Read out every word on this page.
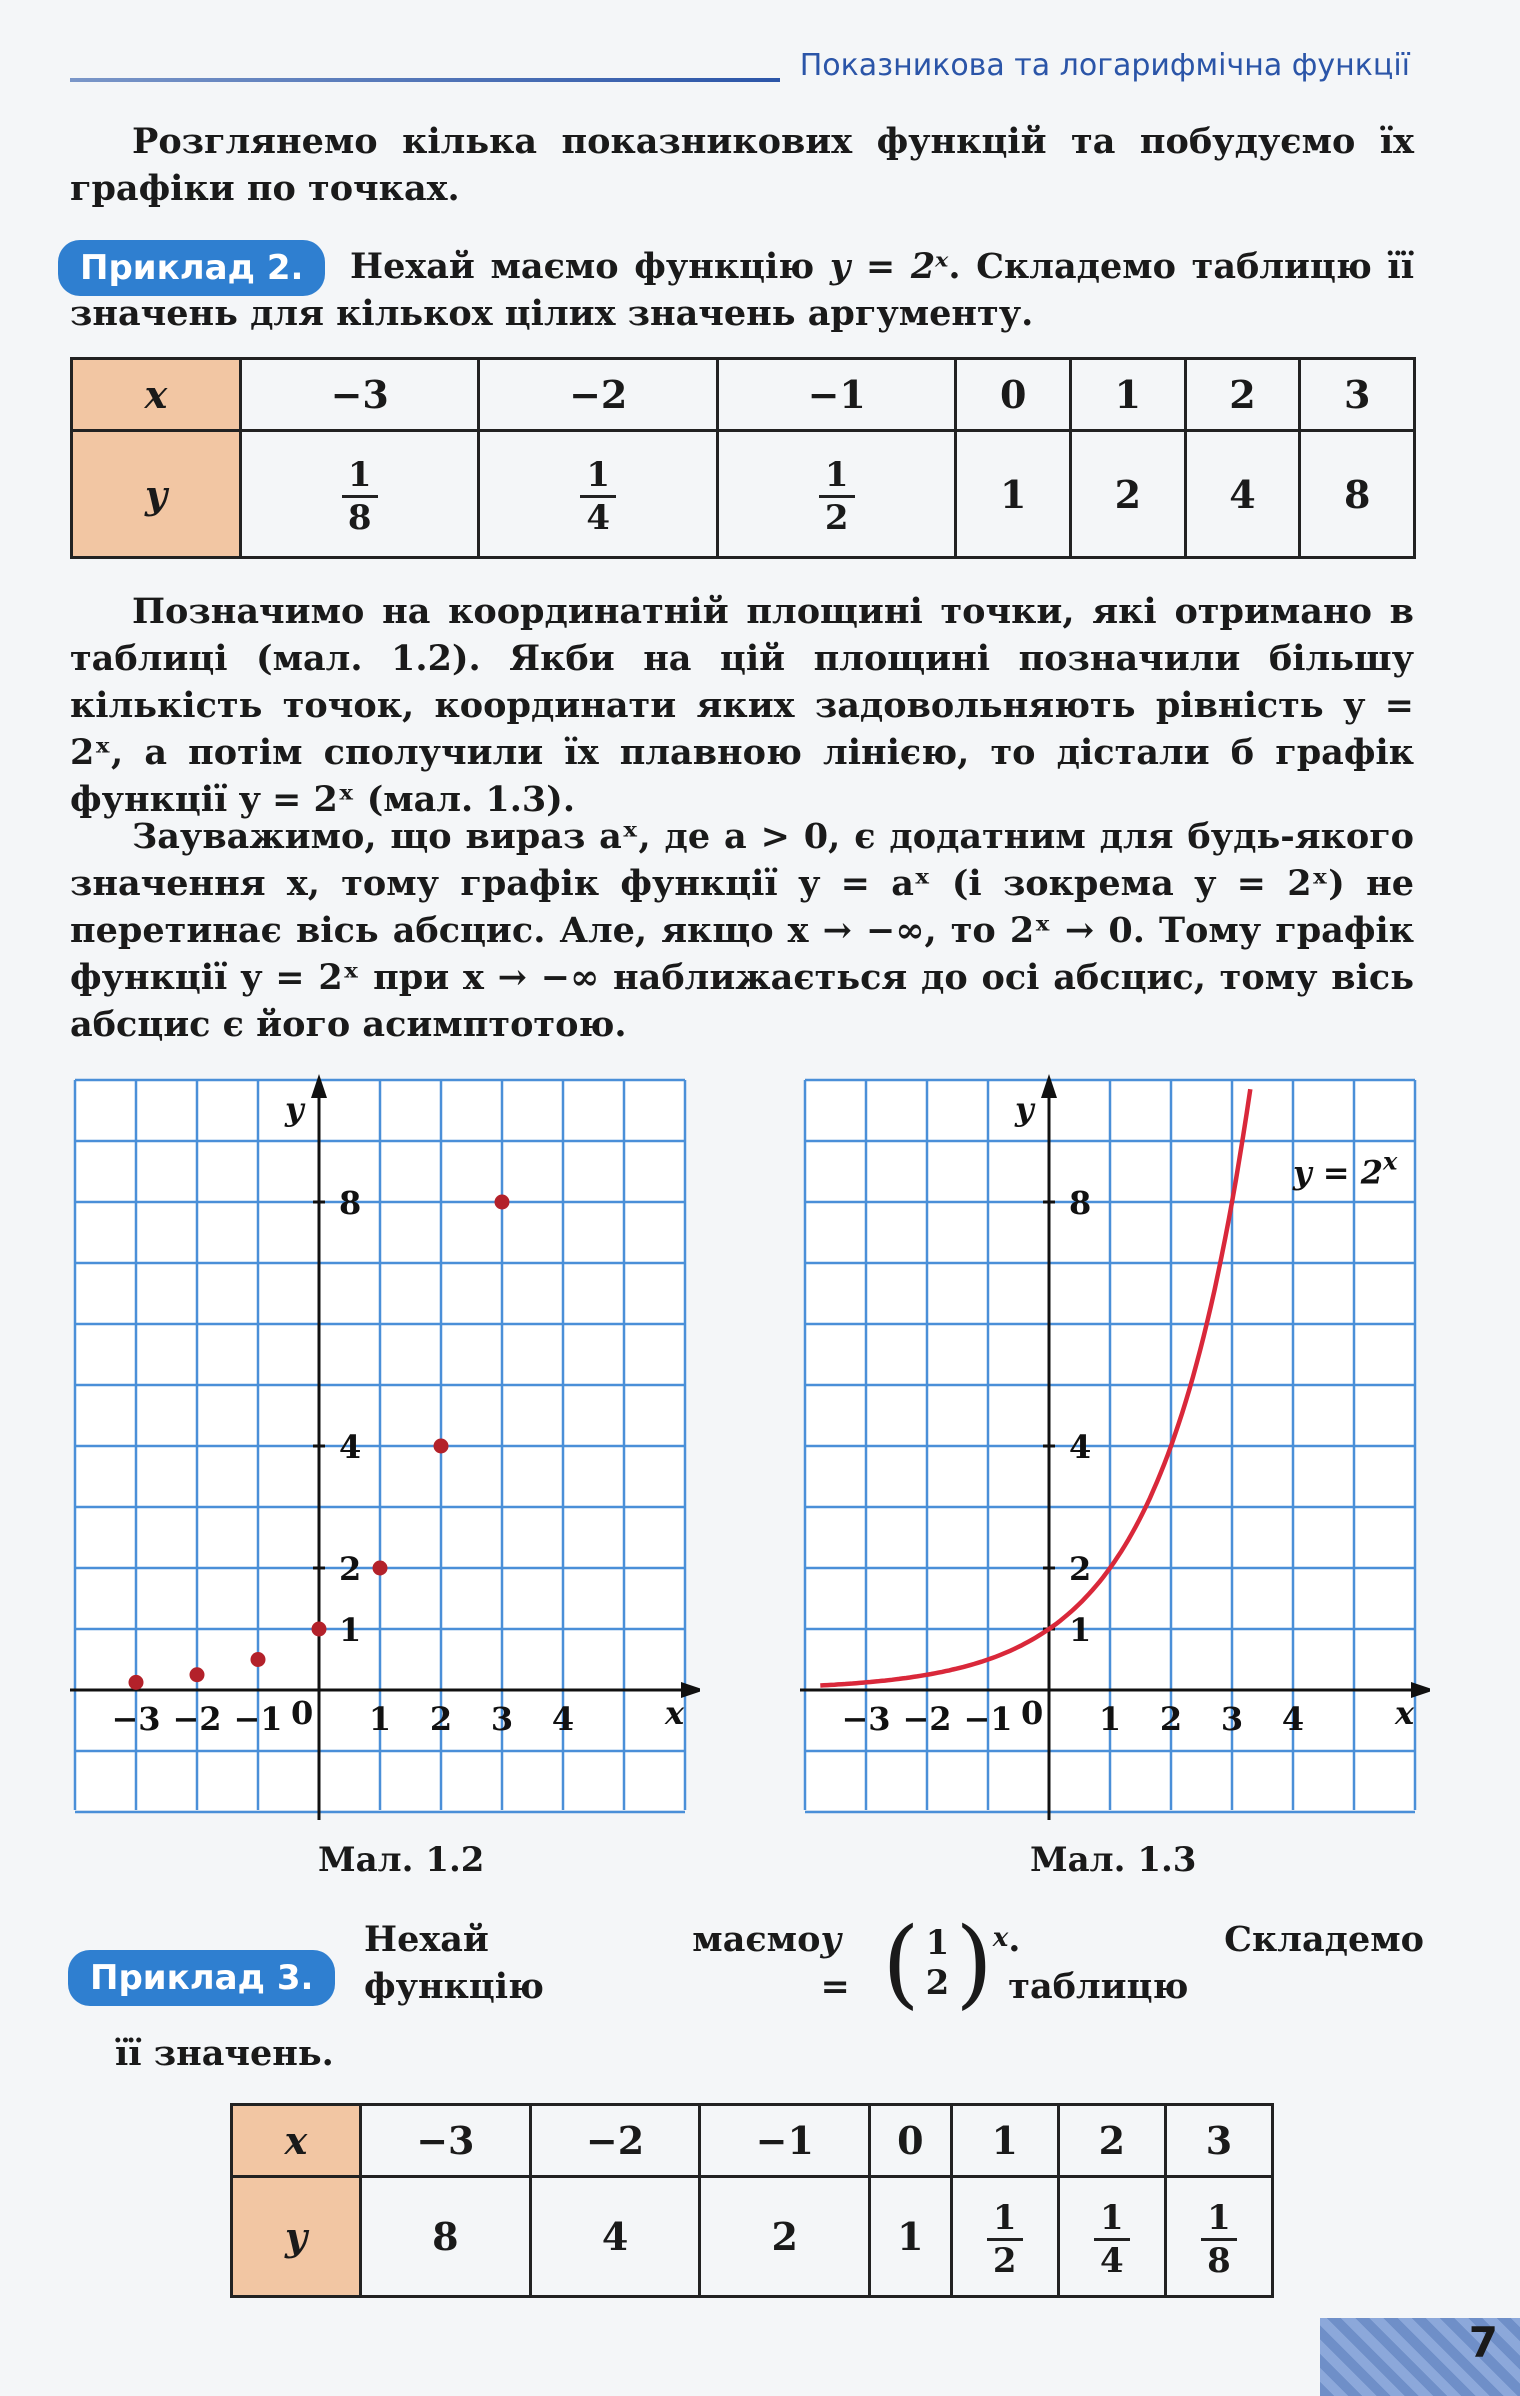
Показникова та логарифмічна функції

Розглянемо кілька показникових функцій та побудуємо їх графіки по точках.

Приклад 2.	Нехай маємо функцію y = 2ˣ. Складемо таблицю її значень для кількох цілих значень аргументу.

x	−3	−2	−1	0	1	2	3
y	$\frac{1}{8}$	$\frac{1}{4}$	$\frac{1}{2}$	1	2	4	8

Позначимо на координатній площині точки, які отримано в таблиці (мал. 1.2). Якби на цій площині позначили більшу кількість точок, координати яких задовольняють рівність y = 2ˣ, а потім сполучили їх плавною лінією, то дістали б графік функції y = 2ˣ (мал. 1.3).

Зауважимо, що вираз aˣ, де a > 0, є додатним для будь-якого значення x, тому графік функції y = aˣ (і зокрема y = 2ˣ) не перетинає вісь абсцис. Але, якщо x → −∞, то 2ˣ → 0. Тому графік функції y = 2ˣ при x → −∞ наближається до осі абсцис, тому вісь абсцис є його асимптотою.

x
y
0
−3 −2 −1	1 2 3 4
1
2
4
8
x
y
0
−3 −2 −1	1 2 3 4
1
2
4
8
$y = 2^x$
Мал. 1.2	Мал. 1.3
Приклад 3.
Нехай маємо функцію
y = ( 1
2 ) x . Складемо таблицю

її значень.

x	−3	−2	−1	0	1	2	3
y	8	4	2	1	$\frac{1}{2}$	$\frac{1}{4}$	$\frac{1}{8}$
7
